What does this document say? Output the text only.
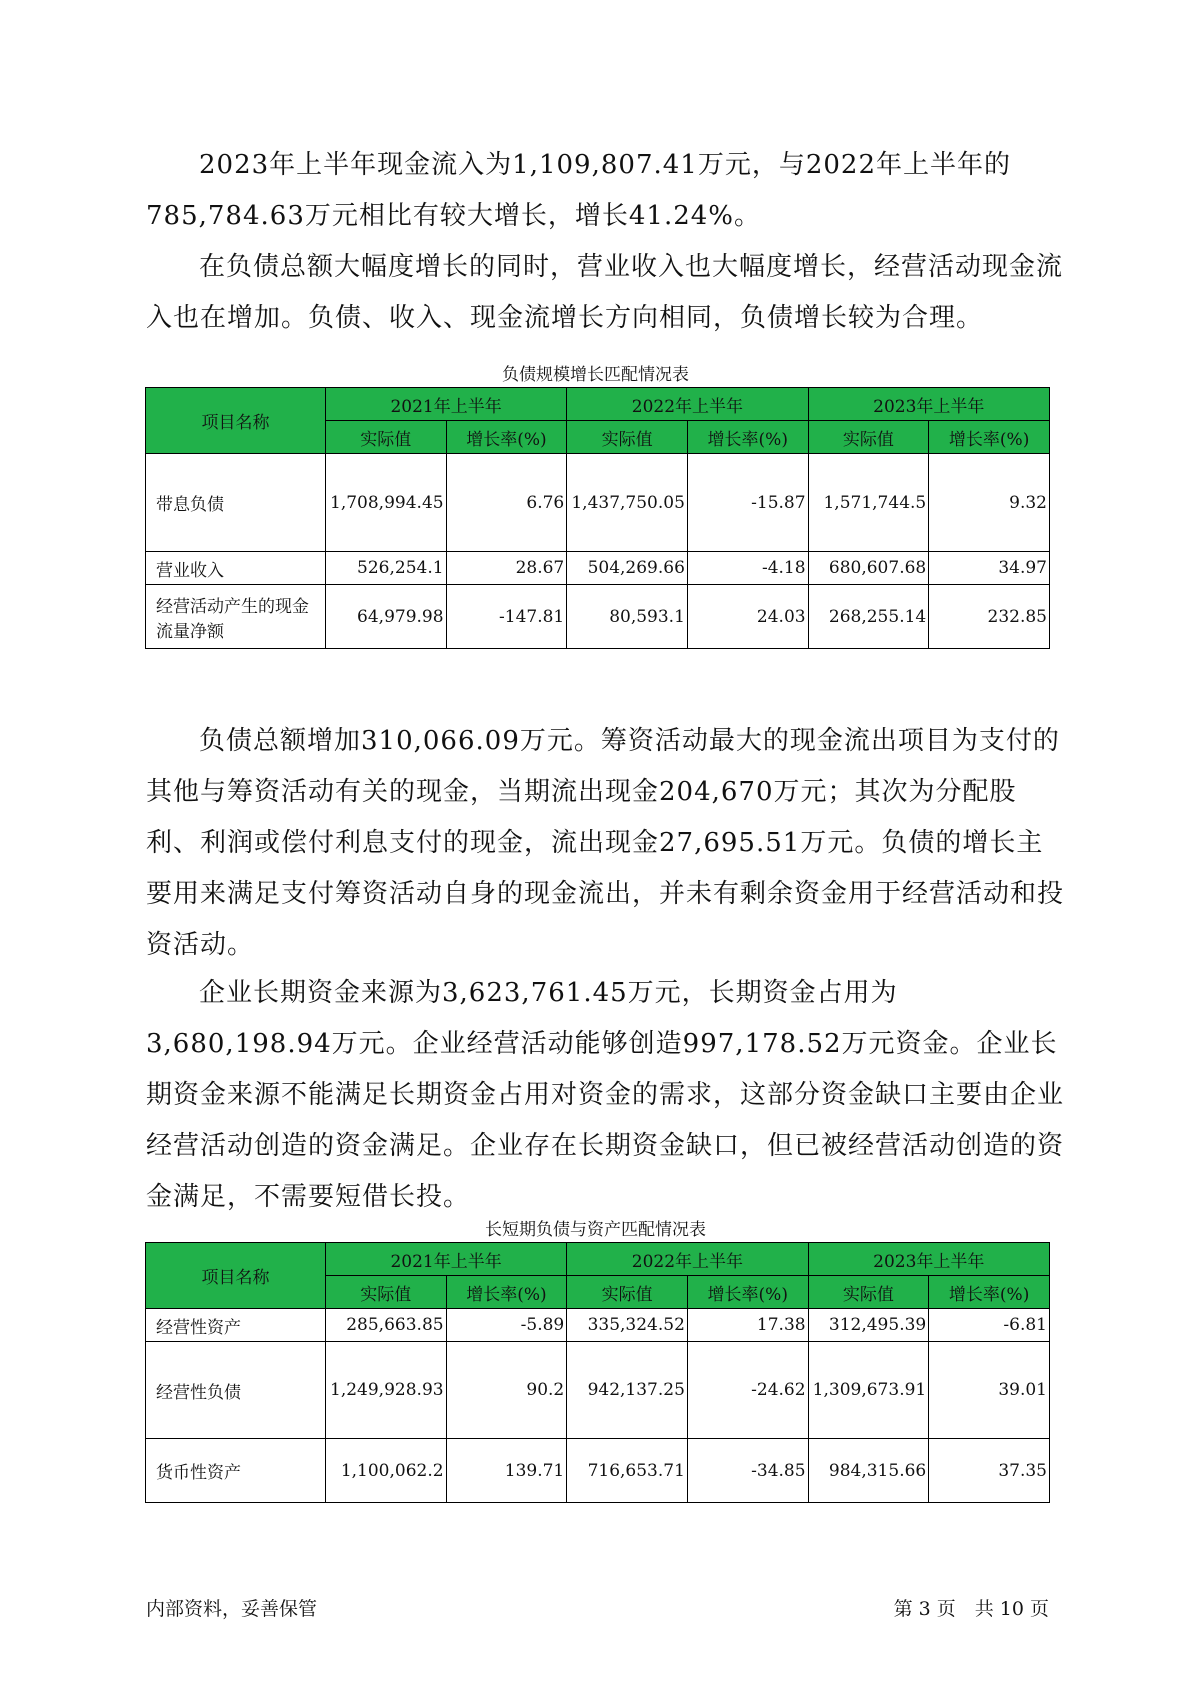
2023年上半年现金流入为1,109,807.41万元，与2022年上半年的785,784.63万元相比有较大增长，增长41.24%。

在负债总额大幅度增长的同时，营业收入也大幅度增长，经营活动现金流入也在增加。负债、收入、现金流增长方向相同，负债增长较为合理。

负债规模增长匹配情况表

项目名称	2021年上半年		2022年上半年		2023年上半年	
	实际值	增长率(%)	实际值	增长率(%)	实际值	增长率(%)
带息负债	1,708,994.45	6.76	1,437,750.05	-15.87	1,571,744.5	9.32
营业收入	526,254.1	28.67	504,269.66	-4.18	680,607.68	34.97
经营活动产生的现金流量净额	64,979.98	-147.81	80,593.1	24.03	268,255.14	232.85

负债总额增加310,066.09万元。筹资活动最大的现金流出项目为支付的其他与筹资活动有关的现金，当期流出现金204,670万元；其次为分配股利、利润或偿付利息支付的现金，流出现金27,695.51万元。负债的增长主要用来满足支付筹资活动自身的现金流出，并未有剩余资金用于经营活动和投资活动。

企业长期资金来源为3,623,761.45万元，长期资金占用为3,680,198.94万元。企业经营活动能够创造997,178.52万元资金。企业长期资金来源不能满足长期资金占用对资金的需求，这部分资金缺口主要由企业经营活动创造的资金满足。企业存在长期资金缺口，但已被经营活动创造的资金满足，不需要短借长投。

长短期负债与资产匹配情况表

项目名称	2021年上半年		2022年上半年		2023年上半年	
	实际值	增长率(%)	实际值	增长率(%)	实际值	增长率(%)
经营性资产	285,663.85	-5.89	335,324.52	17.38	312,495.39	-6.81
经营性负债	1,249,928.93	90.2	942,137.25	-24.62	1,309,673.91	39.01
货币性资产	1,100,062.2	139.71	716,653.71	-34.85	984,315.66	37.35

内部资料，妥善保管	第 3 页　共 10 页
